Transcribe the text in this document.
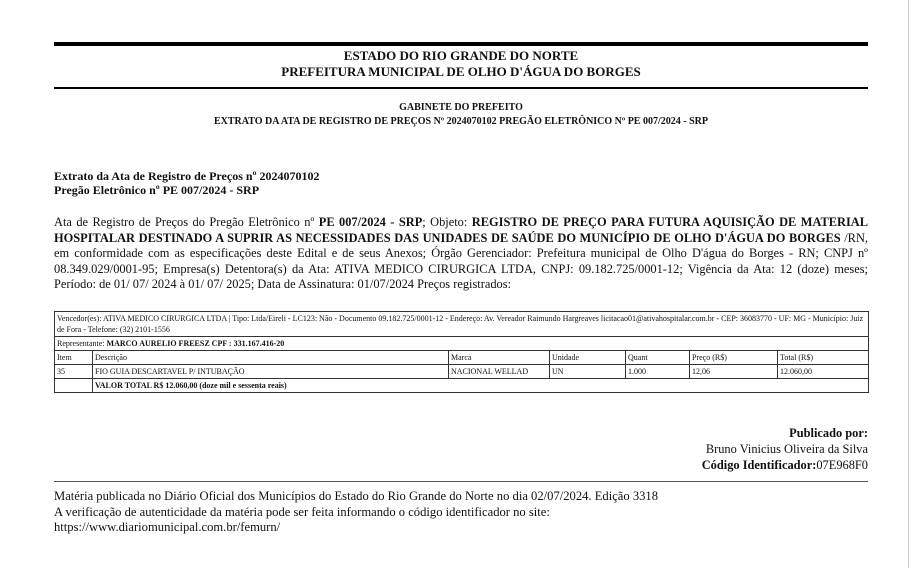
ESTADO DO RIO GRANDE DO NORTE
PREFEITURA MUNICIPAL DE OLHO D'ÁGUA DO BORGES
GABINETE DO PREFEITO
EXTRATO DA ATA DE REGISTRO DE PREÇOS Nº 2024070102 PREGÃO ELETRÔNICO Nº PE 007/2024 - SRP
Extrato da Ata de Registro de Preços nº 2024070102
Pregão Eletrônico nº PE 007/2024 - SRP
Ata de Registro de Preços do Pregão Eletrônico nº PE 007/2024 - SRP; Objeto: REGISTRO DE PREÇO PARA FUTURA AQUISIÇÃO DE MATERIAL HOSPITALAR DESTINADO A SUPRIR AS NECESSIDADES DAS UNIDADES DE SAÚDE DO MUNICÍPIO DE OLHO D'ÁGUA DO BORGES /RN, em conformidade com as especificações deste Edital e de seus Anexos; Órgão Gerenciador: Prefeitura municipal de Olho D'água do Borges - RN; CNPJ nº 08.349.029/0001-95; Empresa(s) Detentora(s) da Ata: ATIVA MEDICO CIRURGICA LTDA, CNPJ: 09.182.725/0001-12; Vigência da Ata: 12 (doze) meses; Período: de 01/ 07/ 2024 à 01/ 07/ 2025; Data de Assinatura: 01/07/2024 Preços registrados:
Vencedor(es): ATIVA MEDICO CIRURGICA LTDA | Tipo: Ltda/Eireli - LC123: Não - Documento 09.182.725/0001-12 - Endereço: Av. Vereador Raimundo Hargreaves licitacao01@ativahospitalar.com.br - CEP: 36083770 - UF: MG - Município: Juiz de Fora - Telefone: (32) 2101-1556						
Representante: MARCO AURELIO FREESZ CPF : 331.167.416-20						
Item	Descrição	Marca	Unidade	Quant	Preço (R$)	Total (R$)
35	FIO GUIA DESCARTAVEL P/ INTUBAÇÃO	NACIONAL WELLAD	UN	1.000	12,06	12.060,00
	VALOR TOTAL R$ 12.060,00 (doze mil e sessenta reais)					
Publicado por:
Bruno Vinicius Oliveira da Silva
Código Identificador:07E968F0
Matéria publicada no Diário Oficial dos Municípios do Estado do Rio Grande do Norte no dia 02/07/2024. Edição 3318
A verificação de autenticidade da matéria pode ser feita informando o código identificador no site:
https://www.diariomunicipal.com.br/femurn/
